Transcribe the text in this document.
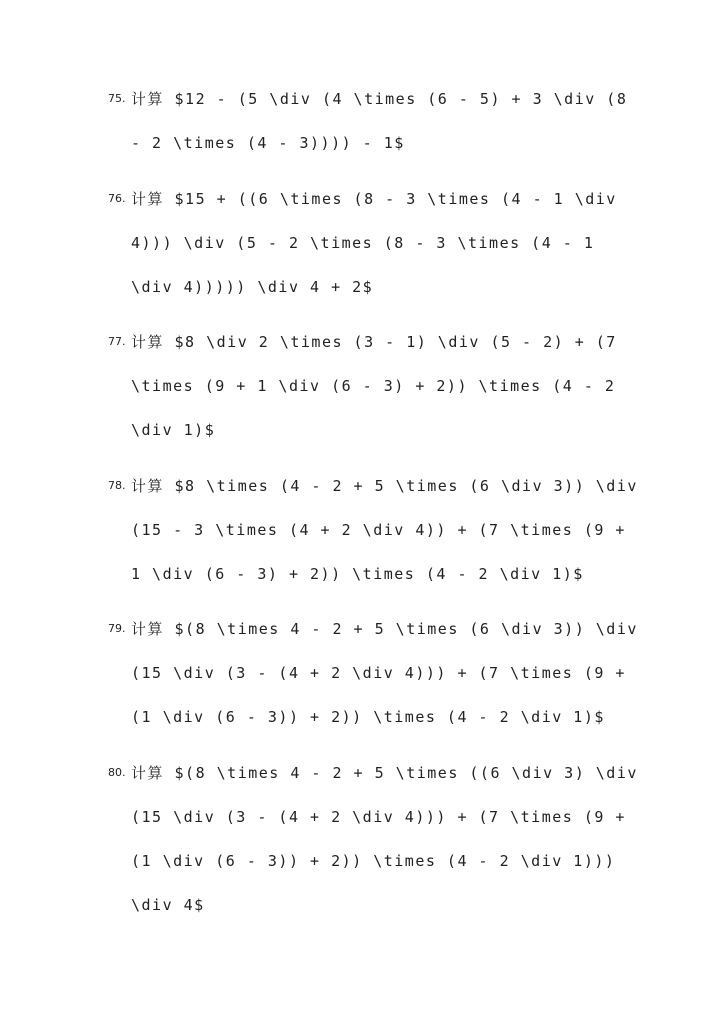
75. 计算 $12 - (5 \div (4 \times (6 - 5) + 3 \div (8
- 2 \times (4 - 3)))) - 1$
76. 计算 $15 + ((6 \times (8 - 3 \times (4 - 1 \div
4))) \div (5 - 2 \times (8 - 3 \times (4 - 1
\div 4))))) \div 4 + 2$
77. 计算 $8 \div 2 \times (3 - 1) \div (5 - 2) + (7
\times (9 + 1 \div (6 - 3) + 2)) \times (4 - 2
\div 1)$
78. 计算 $8 \times (4 - 2 + 5 \times (6 \div 3)) \div
(15 - 3 \times (4 + 2 \div 4)) + (7 \times (9 +
1 \div (6 - 3) + 2)) \times (4 - 2 \div 1)$
79. 计算 $(8 \times 4 - 2 + 5 \times (6 \div 3)) \div
(15 \div (3 - (4 + 2 \div 4))) + (7 \times (9 +
(1 \div (6 - 3)) + 2)) \times (4 - 2 \div 1)$
80. 计算 $(8 \times 4 - 2 + 5 \times ((6 \div 3) \div
(15 \div (3 - (4 + 2 \div 4))) + (7 \times (9 +
(1 \div (6 - 3)) + 2)) \times (4 - 2 \div 1)))
\div 4$
